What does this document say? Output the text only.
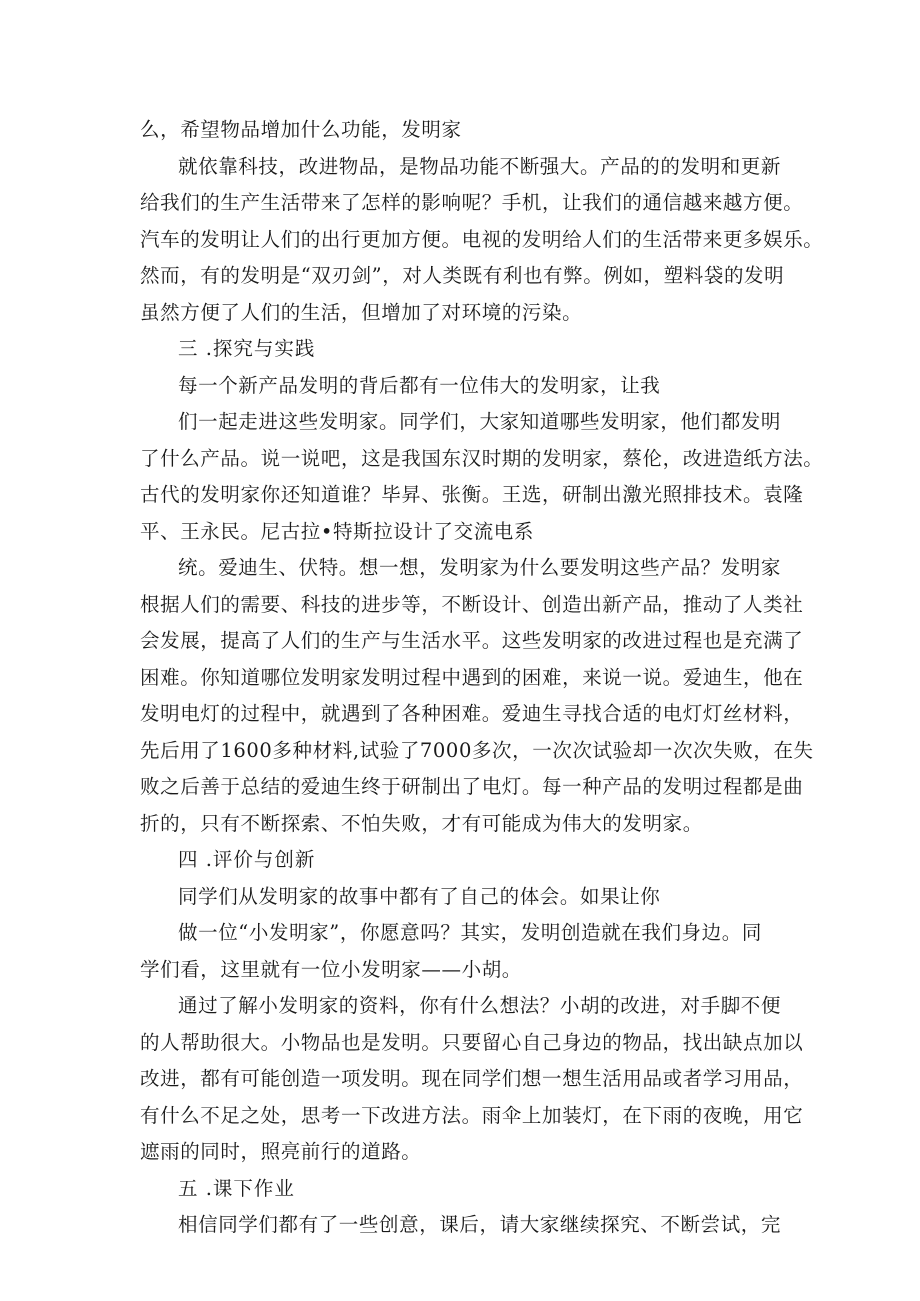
么，希望物品增加什么功能，发明家
就依靠科技，改进物品，是物品功能不断强大。产品的的发明和更新
给我们的生产生活带来了怎样的影响呢？手机，让我们的通信越来越方便。
汽车的发明让人们的出行更加方便。电视的发明给人们的生活带来更多娱乐。
然而，有的发明是“双刃剑”，对人类既有利也有弊。例如，塑料袋的发明
虽然方便了人们的生活，但增加了对环境的污染。
三 .探究与实践
每一个新产品发明的背后都有一位伟大的发明家，让我
们一起走进这些发明家。同学们，大家知道哪些发明家，他们都发明
了什么产品。说一说吧，这是我国东汉时期的发明家，蔡伦，改进造纸方法。
古代的发明家你还知道谁？毕昇、张衡。王选，研制出激光照排技术。袁隆
平、王永民。尼古拉•特斯拉设计了交流电系
统。爱迪生、伏特。想一想，发明家为什么要发明这些产品？发明家
根据人们的需要、科技的进步等，不断设计、创造出新产品，推动了人类社
会发展，提高了人们的生产与生活水平。这些发明家的改进过程也是充满了
困难。你知道哪位发明家发明过程中遇到的困难，来说一说。爱迪生，他在
发明电灯的过程中，就遇到了各种困难。爱迪生寻找合适的电灯灯丝材料，
先后用了1600多种材料,试验了7000多次，一次次试验却一次次失败，在失
败之后善于总结的爱迪生终于研制出了电灯。每一种产品的发明过程都是曲
折的，只有不断探索、不怕失败，才有可能成为伟大的发明家。
四 .评价与创新
同学们从发明家的故事中都有了自己的体会。如果让你
做一位“小发明家”，你愿意吗？其实，发明创造就在我们身边。同
学们看，这里就有一位小发明家——小胡。
通过了解小发明家的资料，你有什么想法？小胡的改进，对手脚不便
的人帮助很大。小物品也是发明。只要留心自己身边的物品，找出缺点加以
改进，都有可能创造一项发明。现在同学们想一想生活用品或者学习用品，
有什么不足之处，思考一下改进方法。雨伞上加装灯，在下雨的夜晚，用它
遮雨的同时，照亮前行的道路。
五 .课下作业
相信同学们都有了一些创意，课后，请大家继续探究、不断尝试，完
